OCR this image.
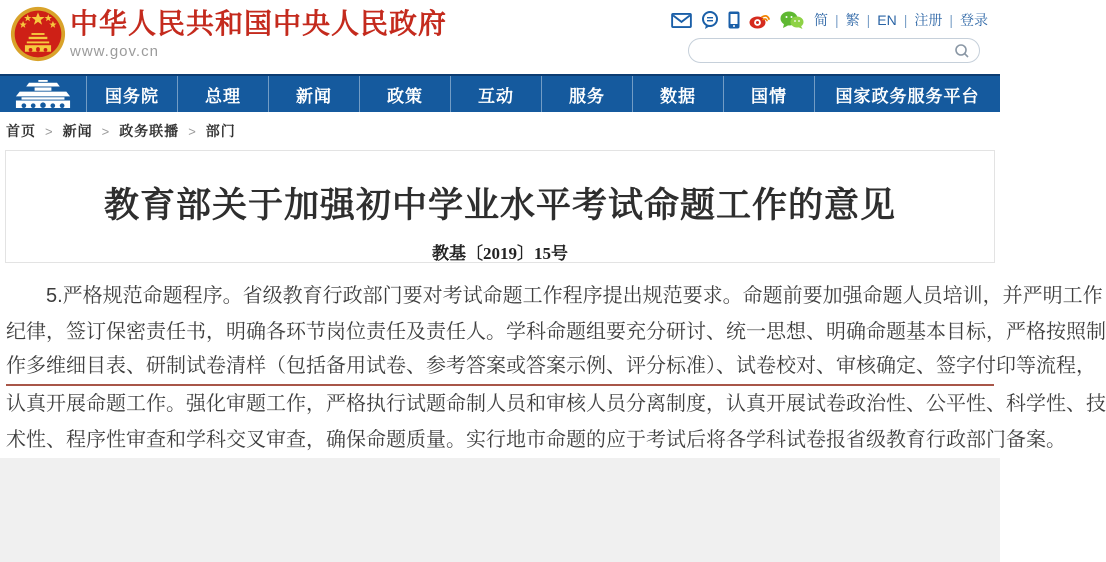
中华人民共和国中央人民政府
www.gov.cn
简 | 繁 | EN | 注册 | 登录
国务院	总理	新闻	政策	互动	服务	数据	国情	国家政务服务平台
首页 > 新闻 > 政务联播 > 部门
教育部关于加强初中学业水平考试命题工作的意见
教基〔2019〕15号
5.严格规范命题程序。省级教育行政部门要对考试命题工作程序提出规范要求。命题前要加强命题人员培训，并严明工作
纪律，签订保密责任书，明确各环节岗位责任及责任人。学科命题组要充分研讨、统一思想、明确命题基本目标，严格按照制
作多维细目表、研制试卷清样（包括备用试卷、参考答案或答案示例、评分标准）、试卷校对、审核确定、签字付印等流程，
认真开展命题工作。强化审题工作，严格执行试题命制人员和审核人员分离制度，认真开展试卷政治性、公平性、科学性、技
术性、程序性审查和学科交叉审查，确保命题质量。实行地市命题的应于考试后将各学科试卷报省级教育行政部门备案。
